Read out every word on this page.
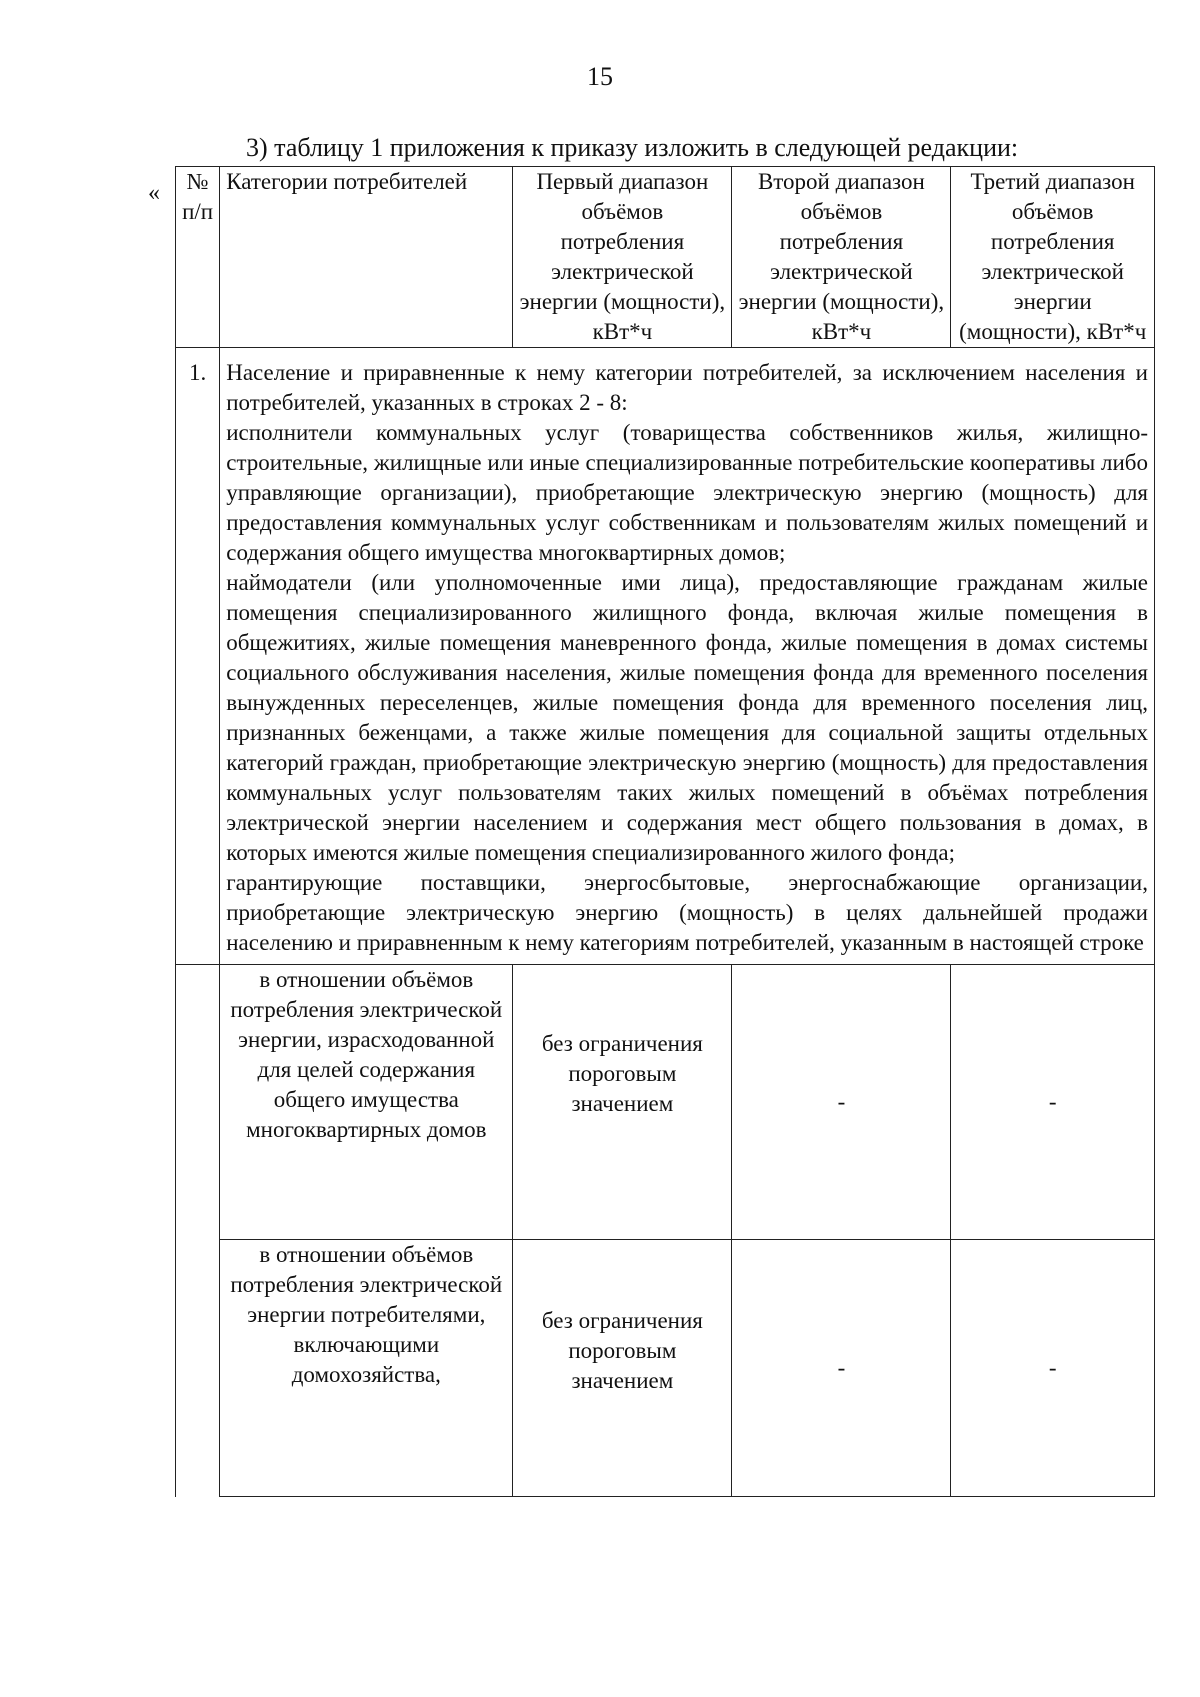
15
3) таблицу 1 приложения к приказу изложить в следующей редакции:
« № п/п	Категории потребителей	Первый диапазон объёмов потребления электрической энергии (мощности), кВт*ч	Второй диапазон объёмов потребления электрической энергии (мощности), кВт*ч	Третий диапазон объёмов потребления электрической энергии (мощности), кВт*ч
1.	Население и приравненные к нему категории потребителей, за исключением населения и потребителей, указанных в строках 2 - 8:

исполнители коммунальных услуг (товарищества собственников жилья, жилищно-строительные, жилищные или иные специализированные потребительские кооперативы либо управляющие организации), приобретающие электрическую энергию (мощность) для предоставления коммунальных услуг собственникам и пользователям жилых помещений и содержания общего имущества многоквартирных домов;

наймодатели (или уполномоченные ими лица), предоставляющие гражданам жилые помещения специализированного жилищного фонда, включая жилые помещения в общежитиях, жилые помещения маневренного фонда, жилые помещения в домах системы социального обслуживания населения, жилые помещения фонда для временного поселения вынужденных переселенцев, жилые помещения фонда для временного поселения лиц, признанных беженцами, а также жилые помещения для социальной защиты отдельных категорий граждан, приобретающие электрическую энергию (мощность) для предоставления коммунальных услуг пользователям таких жилых помещений в объёмах потребления электрической энергии населением и содержания мест общего пользования в домах, в которых имеются жилые помещения специализированного жилого фонда;

гарантирующие поставщики, энергосбытовые, энергоснабжающие организации, приобретающие электрическую энергию (мощность) в целях дальнейшей продажи населению и приравненным к нему категориям потребителей, указанным в настоящей строке			

	в отношении объёмов потребления электрической энергии, израсходованной для целей содержания общего имущества многоквартирных домов	без ограничения пороговым значением	-	-
	в отношении объёмов потребления электрической энергии потребителями, включающими домохозяйства,	без ограничения пороговым значением	-	-
